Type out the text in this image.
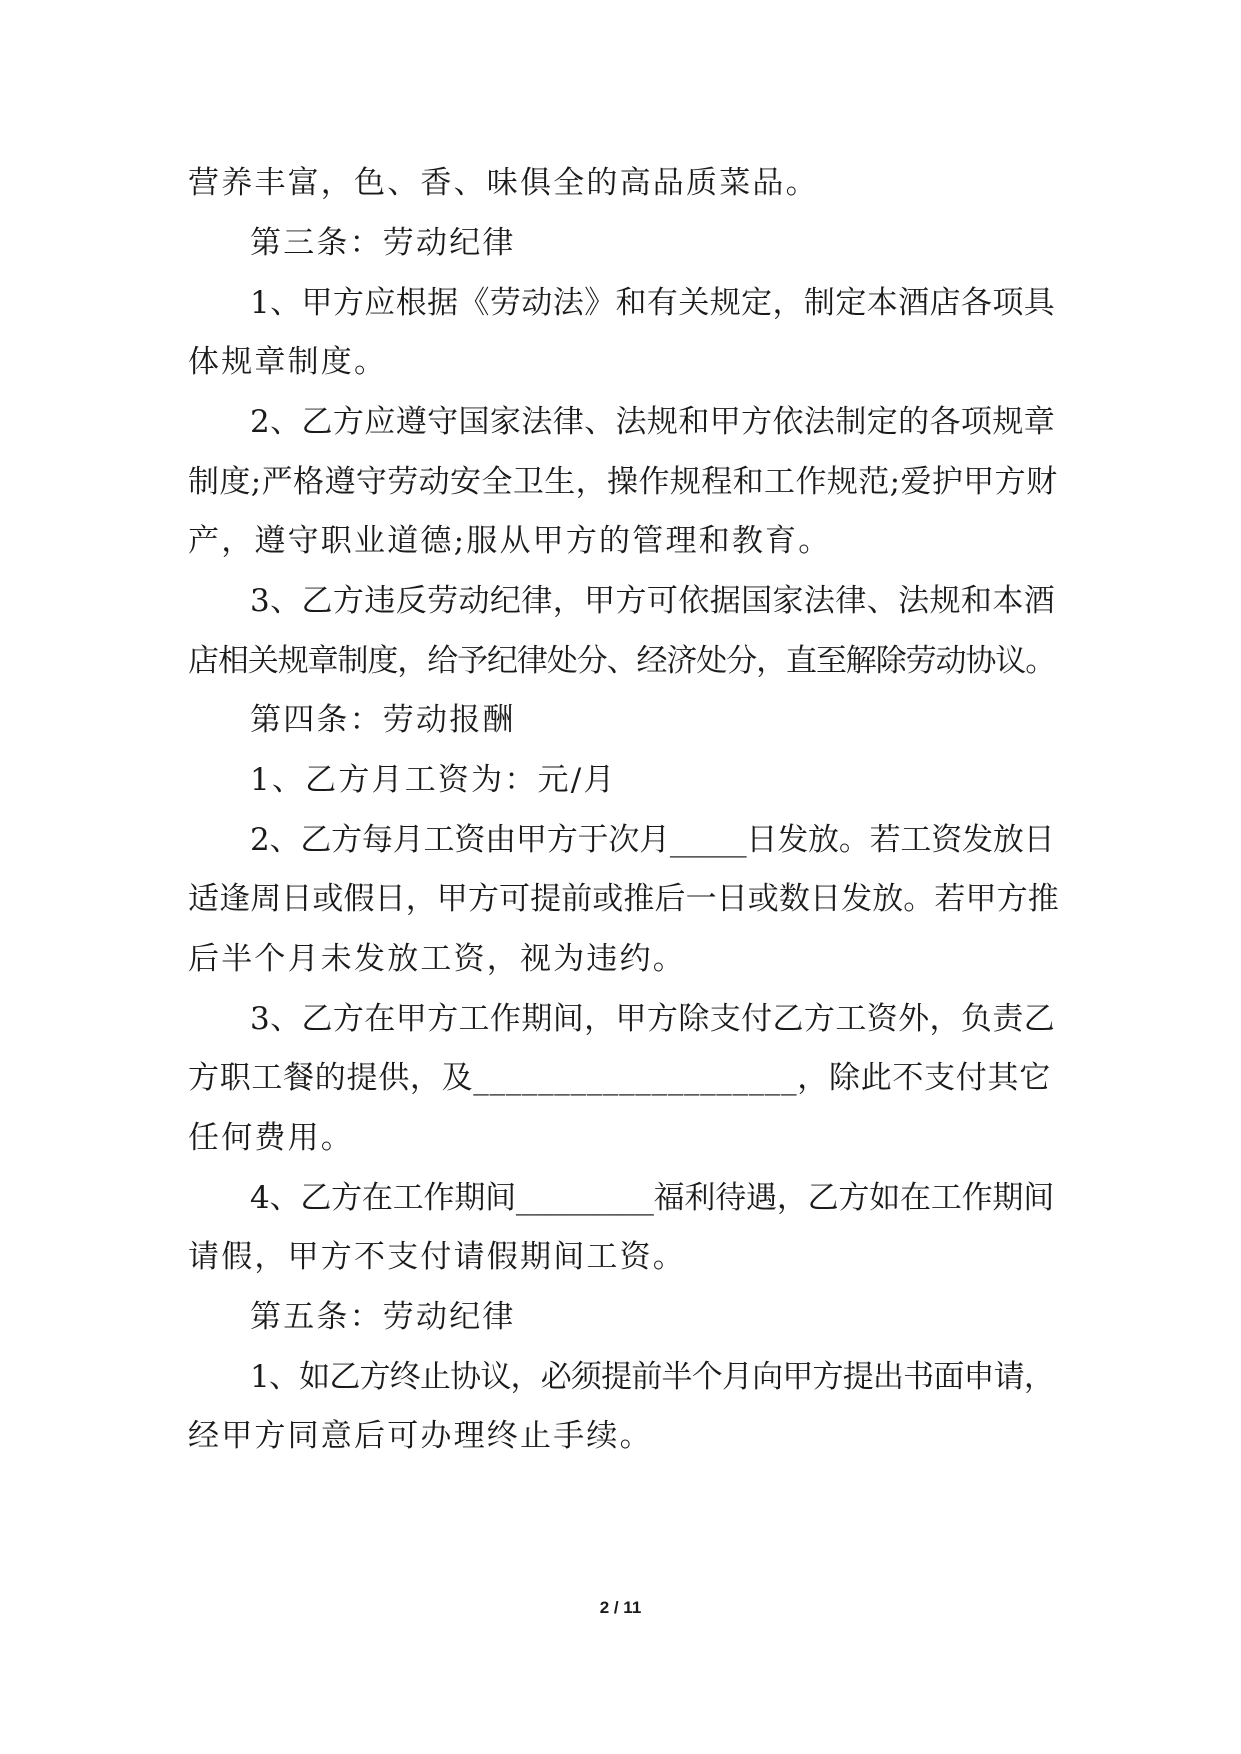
营养丰富，色、香、味俱全的高品质菜品。
第三条：劳动纪律
1、甲方应根据《劳动法》和有关规定，制定本酒店各项具
体规章制度。
2、乙方应遵守国家法律、法规和甲方依法制定的各项规章
制度;严格遵守劳动安全卫生，操作规程和工作规范;爱护甲方财
产，遵守职业道德;服从甲方的管理和教育。
3、乙方违反劳动纪律，甲方可依据国家法律、法规和本酒
店相关规章制度，给予纪律处分、经济处分，直至解除劳动协议。
第四条：劳动报酬
1、乙方月工资为：元/月
2、乙方每月工资由甲方于次月_____日发放。若工资发放日
适逢周日或假日，甲方可提前或推后一日或数日发放。若甲方推
后半个月未发放工资，视为违约。
3、乙方在甲方工作期间，甲方除支付乙方工资外，负责乙
方职工餐的提供，及____________________，除此不支付其它
任何费用。
4、乙方在工作期间_________福利待遇，乙方如在工作期间
请假，甲方不支付请假期间工资。
第五条：劳动纪律
1、如乙方终止协议，必须提前半个月向甲方提出书面申请，
经甲方同意后可办理终止手续。
2 / 11
